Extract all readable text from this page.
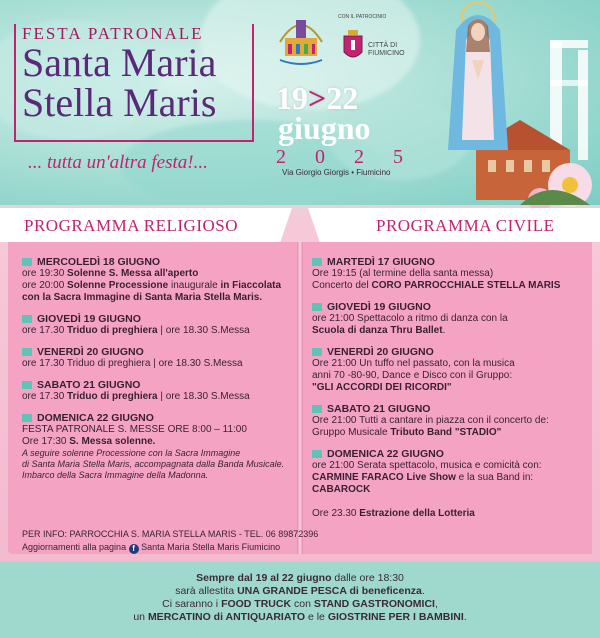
FESTA PATRONALE
Santa Maria
Stella Maris
... tutta un'altra festa!...
CON IL PATROCINIO
CITTÀ DI FIUMICINO
19>22
giugno
2 0 2 5
Via Giorgio Giorgis • Fiumicino
PROGRAMMA RELIGIOSO	PROGRAMMA CIVILE
MERCOLEDÌ 18 GIUGNO
ore 19:30 Solenne S. Messa all'aperto
ore 20:00 Solenne Processione inaugurale in Fiaccolata
con la Sacra Immagine di Santa Maria Stella Maris.
GIOVEDÌ 19 GIUGNO
ore 17.30 Triduo di preghiera | ore 18.30 S.Messa
VENERDÌ 20 GIUGNO
ore 17.30 Triduo di preghiera | ore 18.30 S.Messa
SABATO 21 GIUGNO
ore 17.30 Triduo di preghiera | ore 18.30 S.Messa
DOMENICA 22 GIUGNO
FESTA PATRONALE S. MESSE ORE 8:00 – 11:00
Ore 17:30 S. Messa solenne.
A seguire solenne Processione con la Sacra Immagine
di Santa Maria Stella Maris, accompagnata dalla Banda Musicale.
Imbarco della Sacra Immagine della Madonna.
PER INFO: PARROCCHIA S. MARIA STELLA MARIS - TEL. 06 89872396
Aggiornamenti alla pagina f Santa Maria Stella Maris Fiumicino
MARTEDÌ 17 GIUGNO
Ore 19:15 (al termine della santa messa)
Concerto del CORO PARROCCHIALE STELLA MARIS
GIOVEDÌ 19 GIUGNO
ore 21:00 Spettacolo a ritmo di danza con la
Scuola di danza Thru Ballet.
VENERDÌ 20 GIUGNO
Ore 21:00 Un tuffo nel passato, con la musica
anni 70 -80-90, Dance e Disco con il Gruppo:
"GLI ACCORDI DEI RICORDI"
SABATO 21 GIUGNO
Ore 21:00 Tutti a cantare in piazza con il concerto de:
Gruppo Musicale Tributo Band "STADIO"
DOMENICA 22 GIUGNO
ore 21:00 Serata spettacolo, musica e comicità con:
CARMINE FARACO Live Show e la sua Band in:
CABAROCK
Ore 23.30 Estrazione della Lotteria
Sempre dal 19 al 22 giugno dalle ore 18:30
sarà allestita UNA GRANDE PESCA di beneficenza.
Ci saranno i FOOD TRUCK con STAND GASTRONOMICI,
un MERCATINO di ANTIQUARIATO e le GIOSTRINE PER I BAMBINI.
